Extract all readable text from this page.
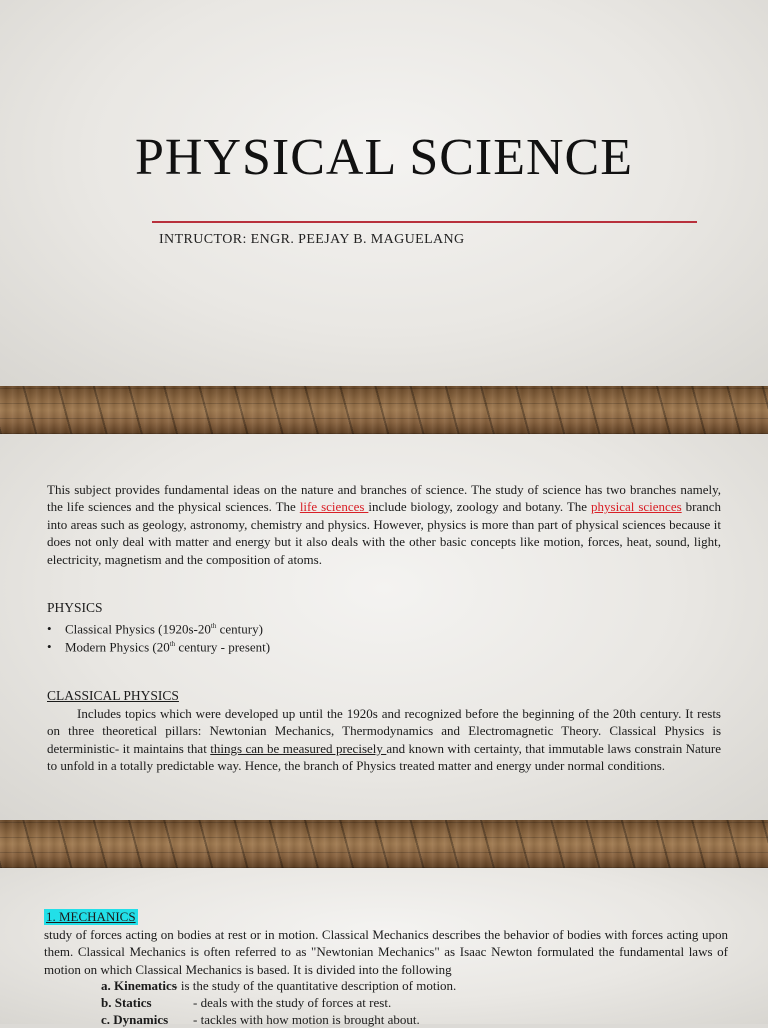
PHYSICAL SCIENCE
INTRUCTOR: ENGR. PEEJAY B. MAGUELANG
This subject provides fundamental ideas on the nature and branches of science. The study of science has two branches namely, the life sciences and the physical sciences. The life sciences include biology, zoology and botany. The physical sciences branch into areas such as geology, astronomy, chemistry and physics. However, physics is more than part of physical sciences because it does not only deal with matter and energy but it also deals with the other basic concepts like motion, forces, heat, sound, light, electricity, magnetism and the composition of atoms.
PHYSICS
• Classical Physics (1920s-20th century)
• Modern Physics (20th century - present)
CLASSICAL PHYSICS
Includes topics which were developed up until the 1920s and recognized before the beginning of the 20th century. It rests on three theoretical pillars: Newtonian Mechanics, Thermodynamics and Electromagnetic Theory. Classical Physics is deterministic- it maintains that things can be measured precisely and known with certainty, that immutable laws constrain Nature to unfold in a totally predictable way. Hence, the branch of Physics treated matter and energy under normal conditions.
1. MECHANICS
study of forces acting on bodies at rest or in motion. Classical Mechanics describes the behavior of bodies with forces acting upon them. Classical Mechanics is often referred to as "Newtonian Mechanics" as Isaac Newton formulated the fundamental laws of motion on which Classical Mechanics is based. It is divided into the following
a. Kinematics - is the study of the quantitative description of motion.
b. Statics	- deals with the study of forces at rest.
c. Dynamics - tackles with how motion is brought about.
